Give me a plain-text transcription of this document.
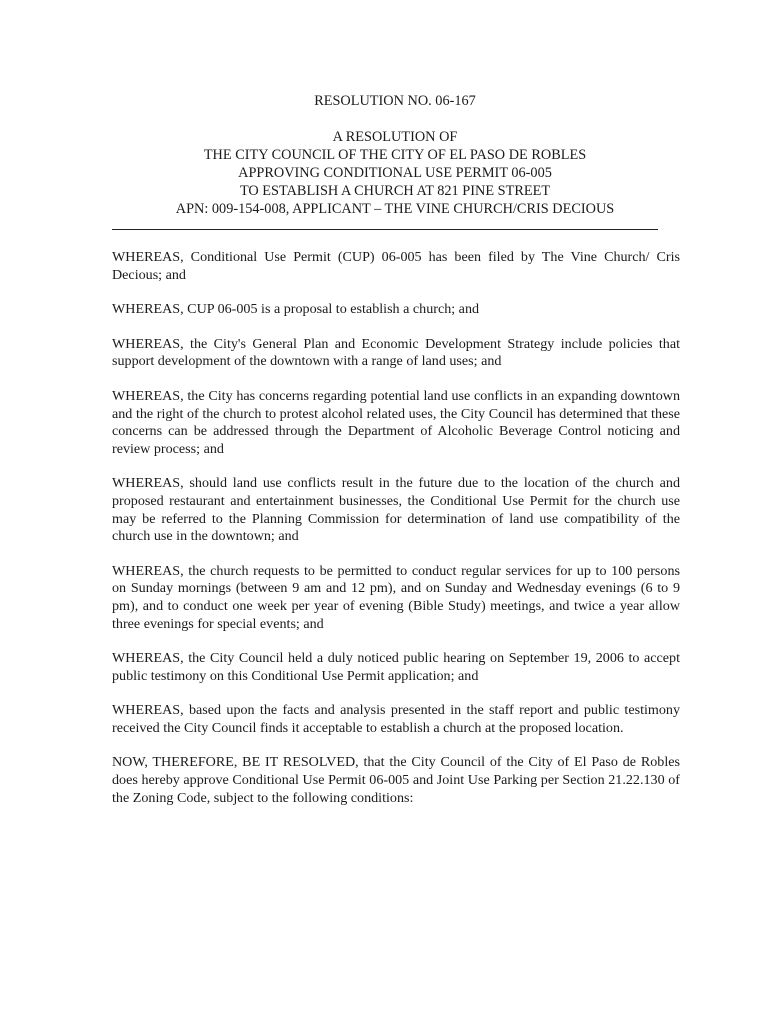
RESOLUTION NO. 06-167
A RESOLUTION OF
THE CITY COUNCIL OF THE CITY OF EL PASO DE ROBLES
APPROVING CONDITIONAL USE PERMIT 06-005
TO ESTABLISH A CHURCH AT 821 PINE STREET
APN: 009-154-008, APPLICANT – THE VINE CHURCH/CRIS DECIOUS

WHEREAS, Conditional Use Permit (CUP) 06-005 has been filed by The Vine Church/ Cris Decious; and

WHEREAS, CUP 06-005 is a proposal to establish a church; and

WHEREAS, the City's General Plan and Economic Development Strategy include policies that support development of the downtown with a range of land uses; and

WHEREAS, the City has concerns regarding potential land use conflicts in an expanding downtown and the right of the church to protest alcohol related uses, the City Council has determined that these concerns can be addressed through the Department of Alcoholic Beverage Control noticing and review process; and

WHEREAS, should land use conflicts result in the future due to the location of the church and proposed restaurant and entertainment businesses, the Conditional Use Permit for the church use may be referred to the Planning Commission for determination of land use compatibility of the church use in the downtown; and

WHEREAS, the church requests to be permitted to conduct regular services for up to 100 persons on Sunday mornings (between 9 am and 12 pm), and on Sunday and Wednesday evenings (6 to 9 pm), and to conduct one week per year of evening (Bible Study) meetings, and twice a year allow three evenings for special events; and

WHEREAS, the City Council held a duly noticed public hearing on September 19, 2006 to accept public testimony on this Conditional Use Permit application; and

WHEREAS, based upon the facts and analysis presented in the staff report and public testimony received the City Council finds it acceptable to establish a church at the proposed location.

NOW, THEREFORE, BE IT RESOLVED, that the City Council of the City of El Paso de Robles does hereby approve Conditional Use Permit 06-005 and Joint Use Parking per Section 21.22.130 of the Zoning Code, subject to the following conditions:
